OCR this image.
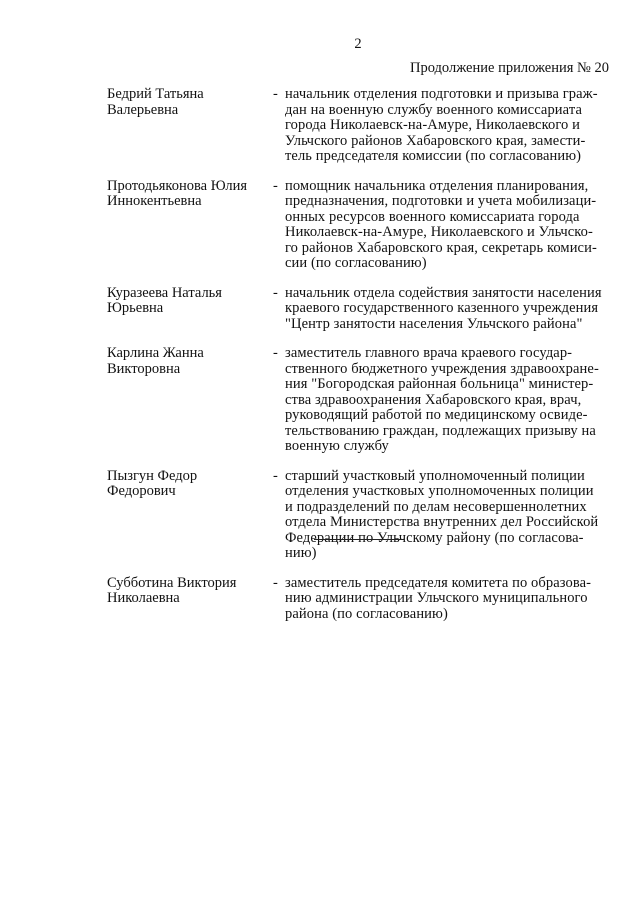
2
Продолжение приложения № 20
Бедрий Татьяна
Валерьевна
- начальник отделения подготовки и призыва граж-
дан на военную службу военного комиссариата
города Николаевск-на-Амуре, Николаевского и
Ульчского районов Хабаровского края, замести-
тель председателя комиссии (по согласованию)
Протодьяконова Юлия
Иннокентьевна
- помощник начальника отделения планирования,
предназначения, подготовки и учета мобилизаци-
онных ресурсов военного комиссариата города
Николаевск-на-Амуре, Николаевского и Ульчско-
го районов Хабаровского края, секретарь комиси-
сии (по согласованию)
Куразеева Наталья
Юрьевна
- начальник отдела содействия занятости населения
краевого государственного казенного учреждения
"Центр занятости населения Ульчского района"
Карлина Жанна
Викторовна
- заместитель главного врача краевого государ-
ственного бюджетного учреждения здравоохране-
ния "Богородская районная больница" министер-
ства здравоохранения Хабаровского края, врач,
руководящий работой по медицинскому освиде-
тельствованию граждан, подлежащих призыву на
военную службу
Пызгун Федор
Федорович
- старший участковый уполномоченный полиции
отделения участковых уполномоченных полиции
и подразделений по делам несовершеннолетних
отдела Министерства внутренних дел Российской
Федерации по Ульчскому району (по согласова-
нию)
Субботина Виктория
Николаевна
- заместитель председателя комитета по образова-
нию администрации Ульчского муниципального
района (по согласованию)
